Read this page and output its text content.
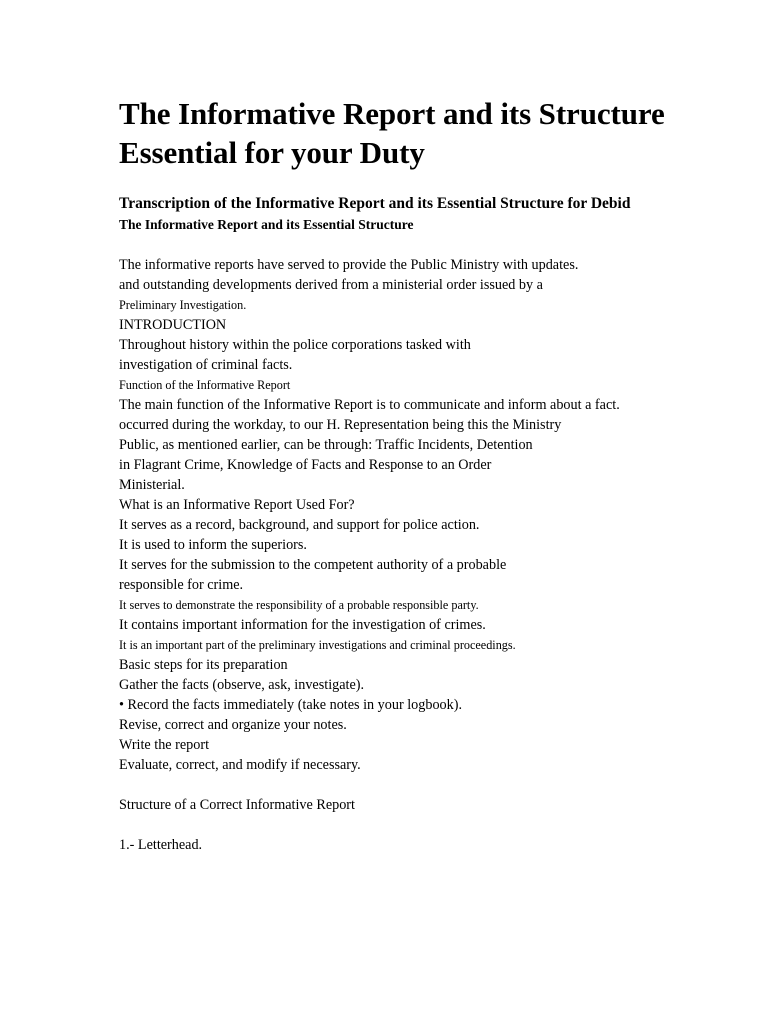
The Informative Report and its Structure Essential for your Duty
Transcription of the Informative Report and its Essential Structure for Debid
The Informative Report and its Essential Structure
The informative reports have served to provide the Public Ministry with updates.
and outstanding developments derived from a ministerial order issued by a
Preliminary Investigation.
INTRODUCTION
Throughout history within the police corporations tasked with
investigation of criminal facts.
Function of the Informative Report
The main function of the Informative Report is to communicate and inform about a fact.
occurred during the workday, to our H. Representation being this the Ministry
Public, as mentioned earlier, can be through: Traffic Incidents, Detention
in Flagrant Crime, Knowledge of Facts and Response to an Order
Ministerial.
What is an Informative Report Used For?
It serves as a record, background, and support for police action.
It is used to inform the superiors.
It serves for the submission to the competent authority of a probable
responsible for crime.
It serves to demonstrate the responsibility of a probable responsible party.
It contains important information for the investigation of crimes.
It is an important part of the preliminary investigations and criminal proceedings.
Basic steps for its preparation
Gather the facts (observe, ask, investigate).
• Record the facts immediately (take notes in your logbook).
Revise, correct and organize your notes.
Write the report
Evaluate, correct, and modify if necessary.
Structure of a Correct Informative Report
1.- Letterhead.
